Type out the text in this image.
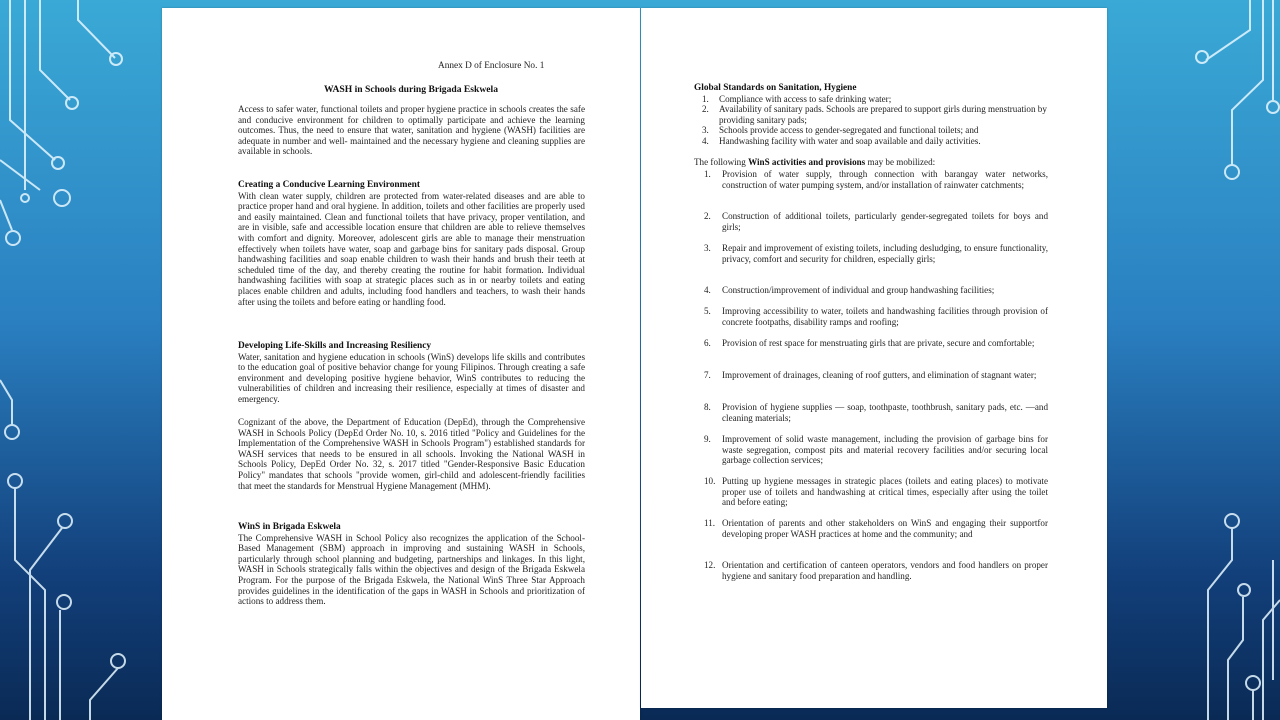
Annex D of Enclosure No. 1
WASH in Schools during Brigada Eskwela

Access to safer water, functional toilets and proper hygiene practice in schools creates the safe and conducive environment for children to optimally participate and achieve the learning outcomes. Thus, the need to ensure that water, sanitation and hygiene (WASH) facilities are adequate in number and well- maintained and the necessary hygiene and cleaning supplies are available in schools.

Creating a Conducive Learning Environment

With clean water supply, children are protected from water-related diseases and are able to practice proper hand and oral hygiene. In addition, toilets and other facilities are properly used and easily maintained. Clean and functional toilets that have privacy, proper ventilation, and are in visible, safe and accessible location ensure that children are able to relieve themselves with comfort and dignity. Moreover, adolescent girls are able to manage their menstruation effectively when toilets have water, soap and garbage bins for sanitary pads disposal. Group handwashing facilities and soap enable children to wash their hands and brush their teeth at scheduled time of the day, and thereby creating the routine for habit formation. Individual handwashing facilities with soap at strategic places such as in or nearby toilets and eating places enable children and adults, including food handlers and teachers, to wash their hands after using the toilets and before eating or handling food.

Developing Life-Skills and Increasing Resiliency

Water, sanitation and hygiene education in schools (WinS) develops life skills and contributes to the education goal of positive behavior change for young Filipinos. Through creating a safe environment and developing positive hygiene behavior, WinS contributes to reducing the vulnerabilities of children and increasing their resilience, especially at times of disaster and emergency.

Cognizant of the above, the Department of Education (DepEd), through the Comprehensive WASH in Schools Policy (DepEd Order No. 10, s. 2016 titled "Policy and Guidelines for the Implementation of the Comprehensive WASH in Schools Program") established standards for WASH services that needs to be ensured in all schools. Invoking the National WASH in Schools Policy, DepEd Order No. 32, s. 2017 titled "Gender-Responsive Basic Education Policy" mandates that schools "provide women, girl-child and adolescent-friendly facilities that meet the standards for Menstrual Hygiene Management (MHM).

WinS in Brigada Eskwela

The Comprehensive WASH in School Policy also recognizes the application of the School-Based Management (SBM) approach in improving and sustaining WASH in Schools, particularly through school planning and budgeting, partnerships and linkages. In this light, WASH in Schools strategically falls within the objectives and design of the Brigada Eskwela Program. For the purpose of the Brigada Eskwela, the National WinS Three Star Approach provides guidelines in the identification of the gaps in WASH in Schools and prioritization of actions to address them.

Global Standards on Sanitation, Hygiene
1.	Compliance with access to safe drinking water;
2.	Availability of sanitary pads. Schools are prepared to support girls during menstruation by providing sanitary pads;
3.	Schools provide access to gender-segregated and functional toilets; and
4.	Handwashing facility with water and soap available and daily activities.
The following WinS activities and provisions may be mobilized:
1.	Provision of water supply, through connection with barangay water networks, construction of water pumping system, and/or installation of rainwater catchments;
2.	Construction of additional toilets, particularly gender-segregated toilets for boys and girls;
3.	Repair and improvement of existing toilets, including desludging, to ensure functionality, privacy, comfort and security for children, especially girls;
4.	Construction/improvement of individual and group handwashing facilities;
5.	Improving accessibility to water, toilets and handwashing facilities through provision of concrete footpaths, disability ramps and roofing;
6.	Provision of rest space for menstruating girls that are private, secure and comfortable;
7.	Improvement of drainages, cleaning of roof gutters, and elimination of stagnant water;
8.	Provision of hygiene supplies — soap, toothpaste, toothbrush, sanitary pads, etc. —and cleaning materials;
9.	Improvement of solid waste management, including the provision of garbage bins for waste segregation, compost pits and material recovery facilities and/or securing local garbage collection services;
10. Putting up hygiene messages in strategic places (toilets and eating places) to motivate proper use of toilets and handwashing at critical times, especially after using the toilet and before eating;
11. Orientation of parents and other stakeholders on WinS and engaging their supportfor developing proper WASH practices at home and the community; and
12. Orientation and certification of canteen operators, vendors and food handlers on proper hygiene and sanitary food preparation and handling.
